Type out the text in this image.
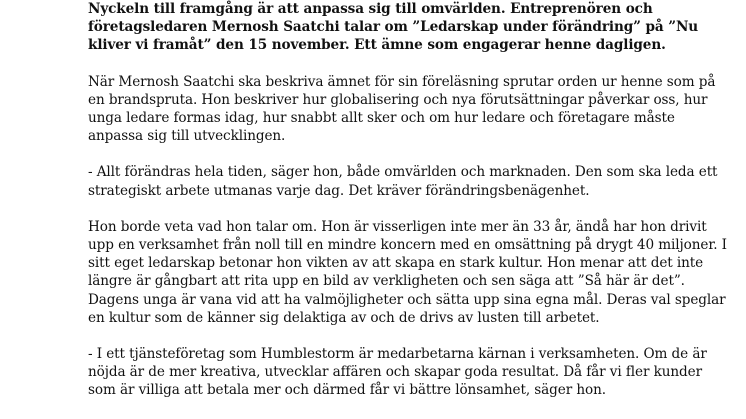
Nyckeln till framgång är att anpassa sig till omvärlden. Entreprenören och företagsledaren Mernosh Saatchi talar om ”Ledarskap under förändring” på ”Nu kliver vi framåt” den 15 november. Ett ämne som engagerar henne dagligen.

När Mernosh Saatchi ska beskriva ämnet för sin föreläsning sprutar orden ur henne som på en brandspruta. Hon beskriver hur globalisering och nya förutsättningar påverkar oss, hur unga ledare formas idag, hur snabbt allt sker och om hur ledare och företagare måste anpassa sig till utvecklingen.

- Allt förändras hela tiden, säger hon, både omvärlden och marknaden. Den som ska leda ett strategiskt arbete utmanas varje dag. Det kräver förändringsbenägenhet.

Hon borde veta vad hon talar om. Hon är visserligen inte mer än 33 år, ändå har hon drivit upp en verksamhet från noll till en mindre koncern med en omsättning på drygt 40 miljoner. I sitt eget ledarskap betonar hon vikten av att skapa en stark kultur. Hon menar att det inte längre är gångbart att rita upp en bild av verkligheten och sen säga att ”Så här är det”. Dagens unga är vana vid att ha valmöjligheter och sätta upp sina egna mål. Deras val speglar en kultur som de känner sig delaktiga av och de drivs av lusten till arbetet.

- I ett tjänsteföretag som Humblestorm är medarbetarna kärnan i verksamheten. Om de är nöjda är de mer kreativa, utvecklar affären och skapar goda resultat. Då får vi fler kunder som är villiga att betala mer och därmed får vi bättre lönsamhet, säger hon.
